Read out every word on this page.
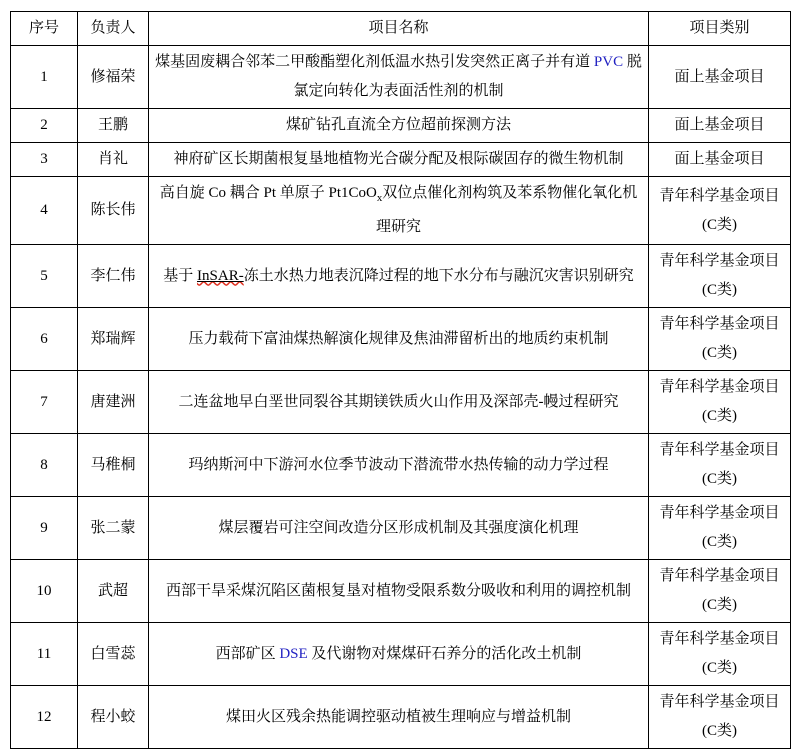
序号	负责人	项目名称	项目类别
1	修福荣	煤基固废耦合邻苯二甲酸酯塑化剂低温水热引发突然正离子并有道 PVC 脱氯定向转化为表面活性剂的机制	面上基金项目
2	王鹏	煤矿钻孔直流全方位超前探测方法	面上基金项目
3	肖礼	神府矿区长期菌根复垦地植物光合碳分配及根际碳固存的微生物机制	面上基金项目
4	陈长伟	高自旋 Co 耦合 Pt 单原子 Pt1CoO$_x$双位点催化剂构筑及苯系物催化氧化机理研究	青年科学基金项目(C类)
5	李仁伟	基于 InSAR-冻土水热力地表沉降过程的地下水分布与融沉灾害识别研究	青年科学基金项目(C类)
6	郑瑞辉	压力载荷下富油煤热解演化规律及焦油滞留析出的地质约束机制	青年科学基金项目(C类)
7	唐建洲	二连盆地早白垩世同裂谷其期镁铁质火山作用及深部壳-幔过程研究	青年科学基金项目(C类)
8	马稚桐	玛纳斯河中下游河水位季节波动下潜流带水热传输的动力学过程	青年科学基金项目(C类)
9	张二蒙	煤层覆岩可注空间改造分区形成机制及其强度演化机理	青年科学基金项目(C类)
10	武超	西部干旱采煤沉陷区菌根复垦对植物受限系数分吸收和利用的调控机制	青年科学基金项目(C类)
11	白雪蕊	西部矿区 DSE 及代谢物对煤煤矸石养分的活化改土机制	青年科学基金项目(C类)
12	程小蛟	煤田火区残余热能调控驱动植被生理响应与增益机制	青年科学基金项目(C类)
